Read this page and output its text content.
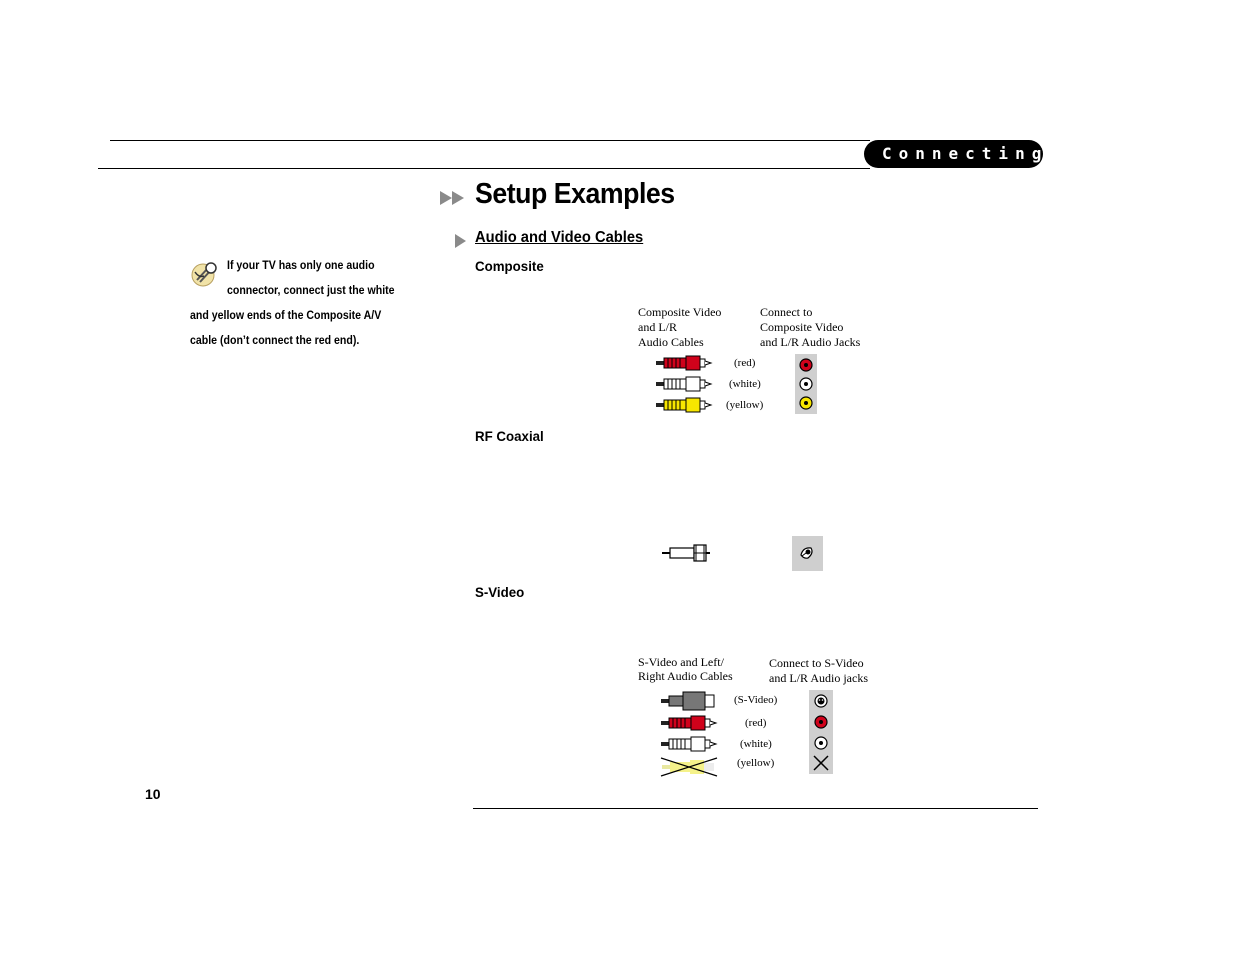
Connecting
Setup Examples
Audio and Video Cables
If your TV has only one audio
connector, connect just the white
and yellow ends of the Composite A/V
cable (don’t connect the red end).
Composite
Composite Video
and L/R
Audio Cables
Connect to
Composite Video
and L/R Audio Jacks
(red)
(white)
(yellow)
RF Coaxial
S-Video
S-Video and Left/
Right Audio Cables
Connect to S-Video
and L/R Audio jacks
(S-Video)
(red)
(white)
(yellow)
10
